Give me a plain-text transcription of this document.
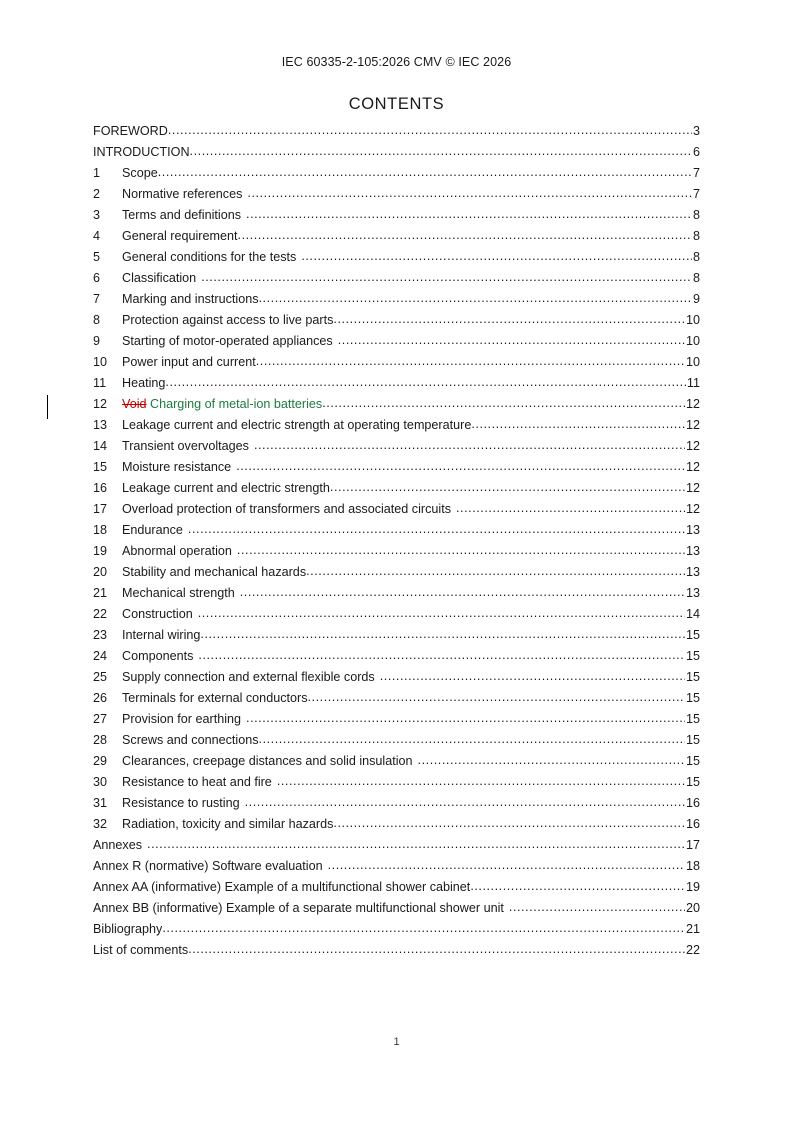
IEC 60335-2-105:2026 CMV © IEC 2026
CONTENTS
FOREWORD .....	3
INTRODUCTION .....	6
1	Scope .....	7
2	Normative references .....	7
3	Terms and definitions .....	8
4	General requirement .....	8
5	General conditions for the tests .....	8
6	Classification .....	8
7	Marking and instructions .....	9
8	Protection against access to live parts .....	10
9	Starting of motor-operated appliances .....	10
10	Power input and current .....	10
11	Heating .....	11
12	Void Charging of metal-ion batteries .....	12
13	Leakage current and electric strength at operating temperature .....	12
14	Transient overvoltages .....	12
15	Moisture resistance .....	12
16	Leakage current and electric strength .....	12
17	Overload protection of transformers and associated circuits .....	12
18	Endurance .....	13
19	Abnormal operation .....	13
20	Stability and mechanical hazards .....	13
21	Mechanical strength .....	13
22	Construction .....	14
23	Internal wiring .....	15
24	Components .....	15
25	Supply connection and external flexible cords .....	15
26	Terminals for external conductors .....	15
27	Provision for earthing .....	15
28	Screws and connections .....	15
29	Clearances, creepage distances and solid insulation .....	15
30	Resistance to heat and fire .....	15
31	Resistance to rusting .....	16
32	Radiation, toxicity and similar hazards .....	16
Annexes .....	17
Annex R (normative) Software evaluation .....	18
Annex AA (informative) Example of a multifunctional shower cabinet .....	19
Annex BB (informative) Example of a separate multifunctional shower unit .....	20
Bibliography .....	21
List of comments .....	22
1
